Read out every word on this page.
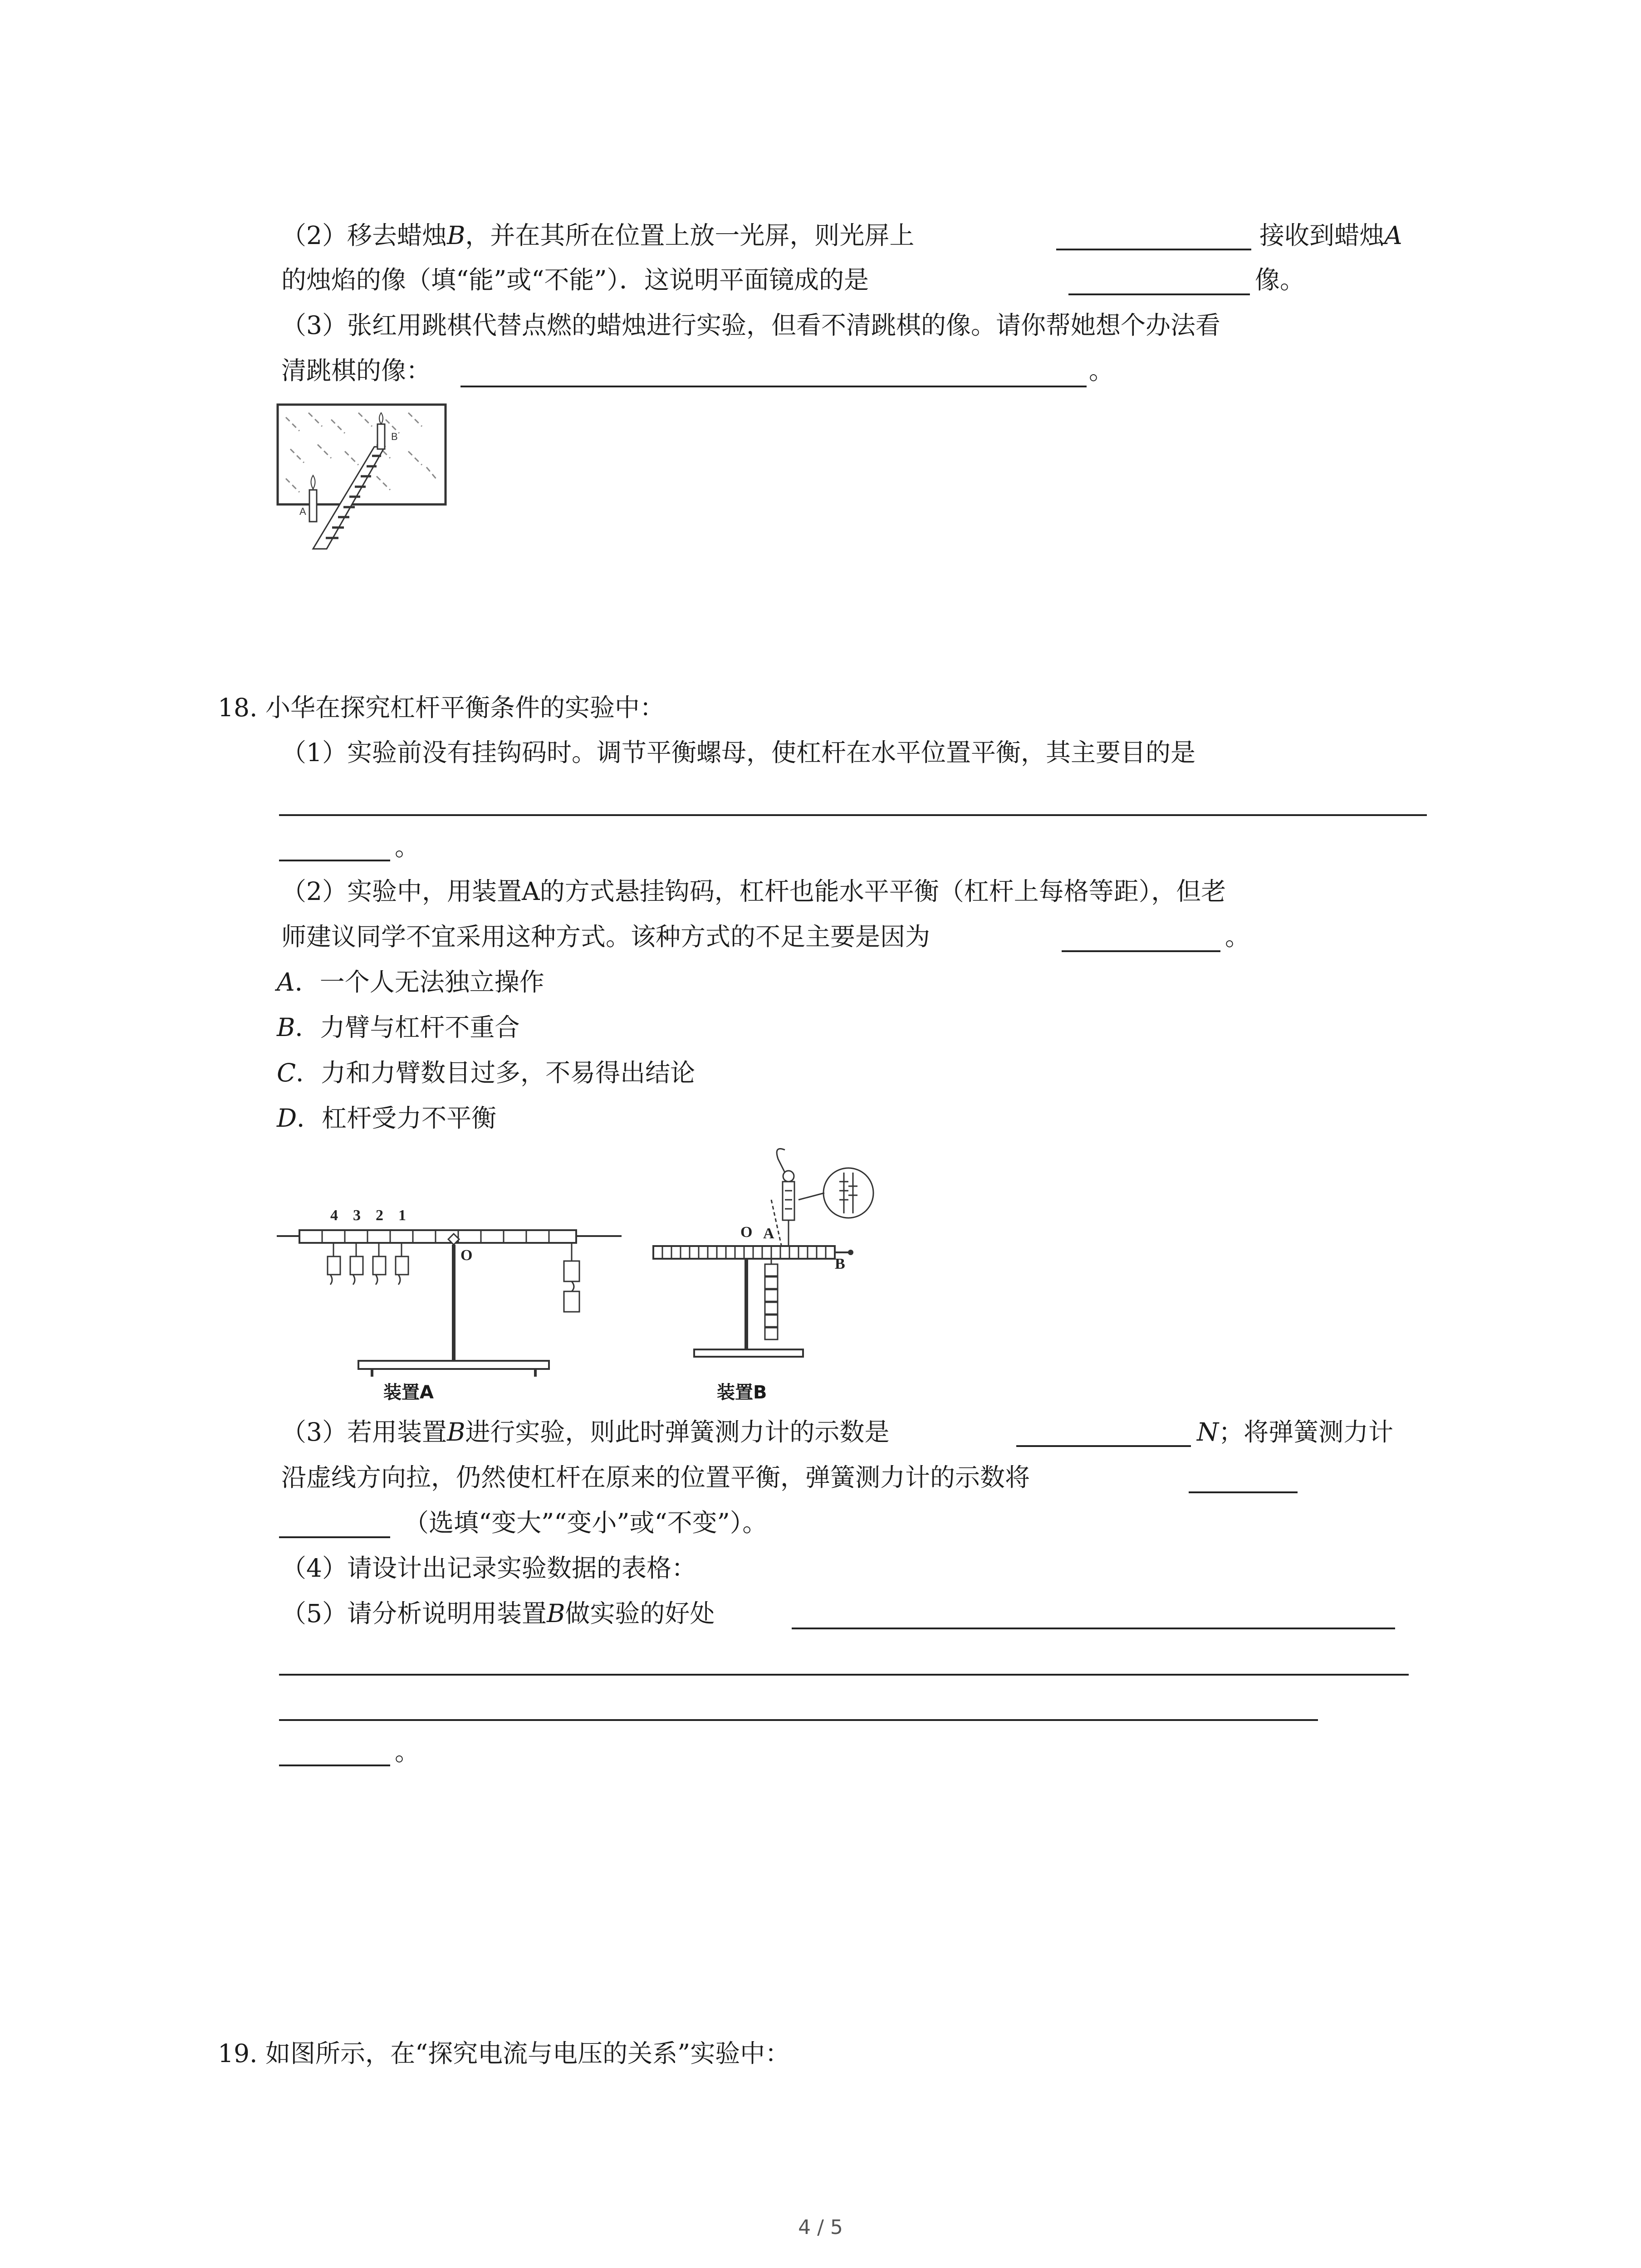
（2）移去蜡烛B，并在其所在位置上放一光屏，则光屏上	接收到蜡烛A
的烛焰的像（填“能”或“不能”）．这说明平面镜成的是	像。
（3）张红用跳棋代替点燃的蜡烛进行实验，但看不清跳棋的像。请你帮她想个办法看
清跳棋的像：	。
B
A
18. 小华在探究杠杆平衡条件的实验中：
（1）实验前没有挂钩码时。调节平衡螺母，使杠杆在水平位置平衡，其主要目的是
。
（2）实验中，用装置A的方式悬挂钩码，杠杆也能水平平衡（杠杆上每格等距），但老
师建议同学不宜采用这种方式。该种方式的不足主要是因为	。
A．一个人无法独立操作
B．力臂与杠杆不重合
C．力和力臂数目过多，不易得出结论
D．杠杆受力不平衡
4 3 2 1
O
装置A
O A
B
装置B
（3）若用装置B进行实验，则此时弹簧测力计的示数是	N；将弹簧测力计
沿虚线方向拉，仍然使杠杆在原来的位置平衡，弹簧测力计的示数将
（选填“变大”“变小”或“不变”）。
（4）请设计出记录实验数据的表格：
（5）请分析说明用装置B做实验的好处
。
19. 如图所示，在“探究电流与电压的关系”实验中：
4 / 5
